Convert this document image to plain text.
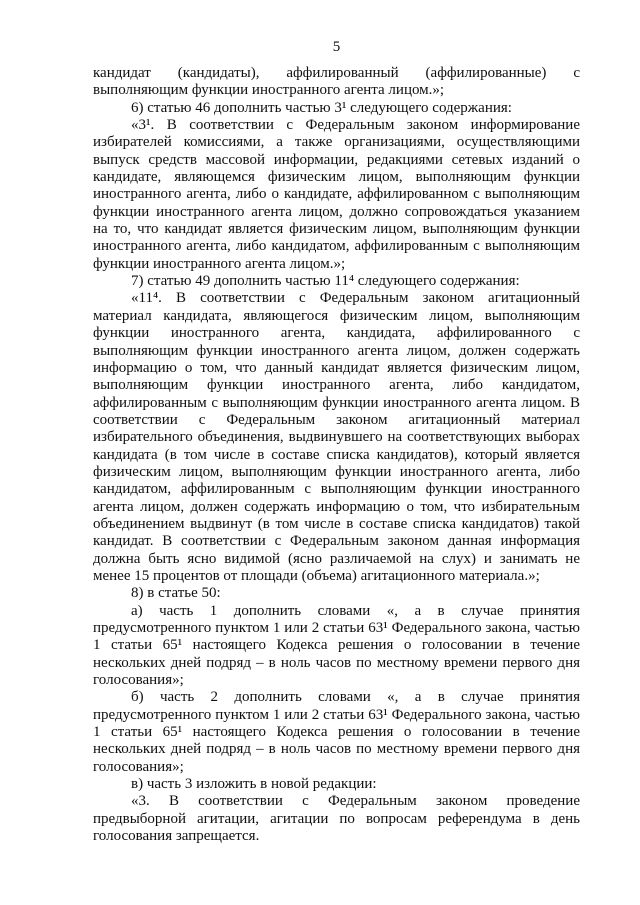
5
кандидат (кандидаты), аффилированный (аффилированные) с
выполняющим функции иностранного агента лицом.»;
6) статью 46 дополнить частью 3¹ следующего содержания:
«3¹. В соответствии с Федеральным законом информирование
избирателей комиссиями, а также организациями, осуществляющими
выпуск средств массовой информации, редакциями сетевых изданий о
кандидате, являющемся физическим лицом, выполняющим функции
иностранного агента, либо о кандидате, аффилированном с выполняющим
функции иностранного агента лицом, должно сопровождаться указанием
на то, что кандидат является физическим лицом, выполняющим функции
иностранного агента, либо кандидатом, аффилированным с выполняющим
функции иностранного агента лицом.»;
7) статью 49 дополнить частью 11⁴ следующего содержания:
«11⁴. В соответствии с Федеральным законом агитационный
материал кандидата, являющегося физическим лицом, выполняющим
функции иностранного агента, кандидата, аффилированного с
выполняющим функции иностранного агента лицом, должен содержать
информацию о том, что данный кандидат является физическим лицом,
выполняющим функции иностранного агента, либо кандидатом,
аффилированным с выполняющим функции иностранного агента лицом. В
соответствии с Федеральным законом агитационный материал
избирательного объединения, выдвинувшего на соответствующих выборах
кандидата (в том числе в составе списка кандидатов), который является
физическим лицом, выполняющим функции иностранного агента, либо
кандидатом, аффилированным с выполняющим функции иностранного
агента лицом, должен содержать информацию о том, что избирательным
объединением выдвинут (в том числе в составе списка кандидатов) такой
кандидат. В соответствии с Федеральным законом данная информация
должна быть ясно видимой (ясно различаемой на слух) и занимать не
менее 15 процентов от площади (объема) агитационного материала.»;
8) в статье 50:
а) часть 1 дополнить словами «, а в случае принятия
предусмотренного пунктом 1 или 2 статьи 63¹ Федерального закона, частью
1 статьи 65¹ настоящего Кодекса решения о голосовании в течение
нескольких дней подряд – в ноль часов по местному времени первого дня
голосования»;
б) часть 2 дополнить словами «, а в случае принятия
предусмотренного пунктом 1 или 2 статьи 63¹ Федерального закона, частью
1 статьи 65¹ настоящего Кодекса решения о голосовании в течение
нескольких дней подряд – в ноль часов по местному времени первого дня
голосования»;
в) часть 3 изложить в новой редакции:
«3. В соответствии с Федеральным законом проведение
предвыборной агитации, агитации по вопросам референдума в день
голосования запрещается.
